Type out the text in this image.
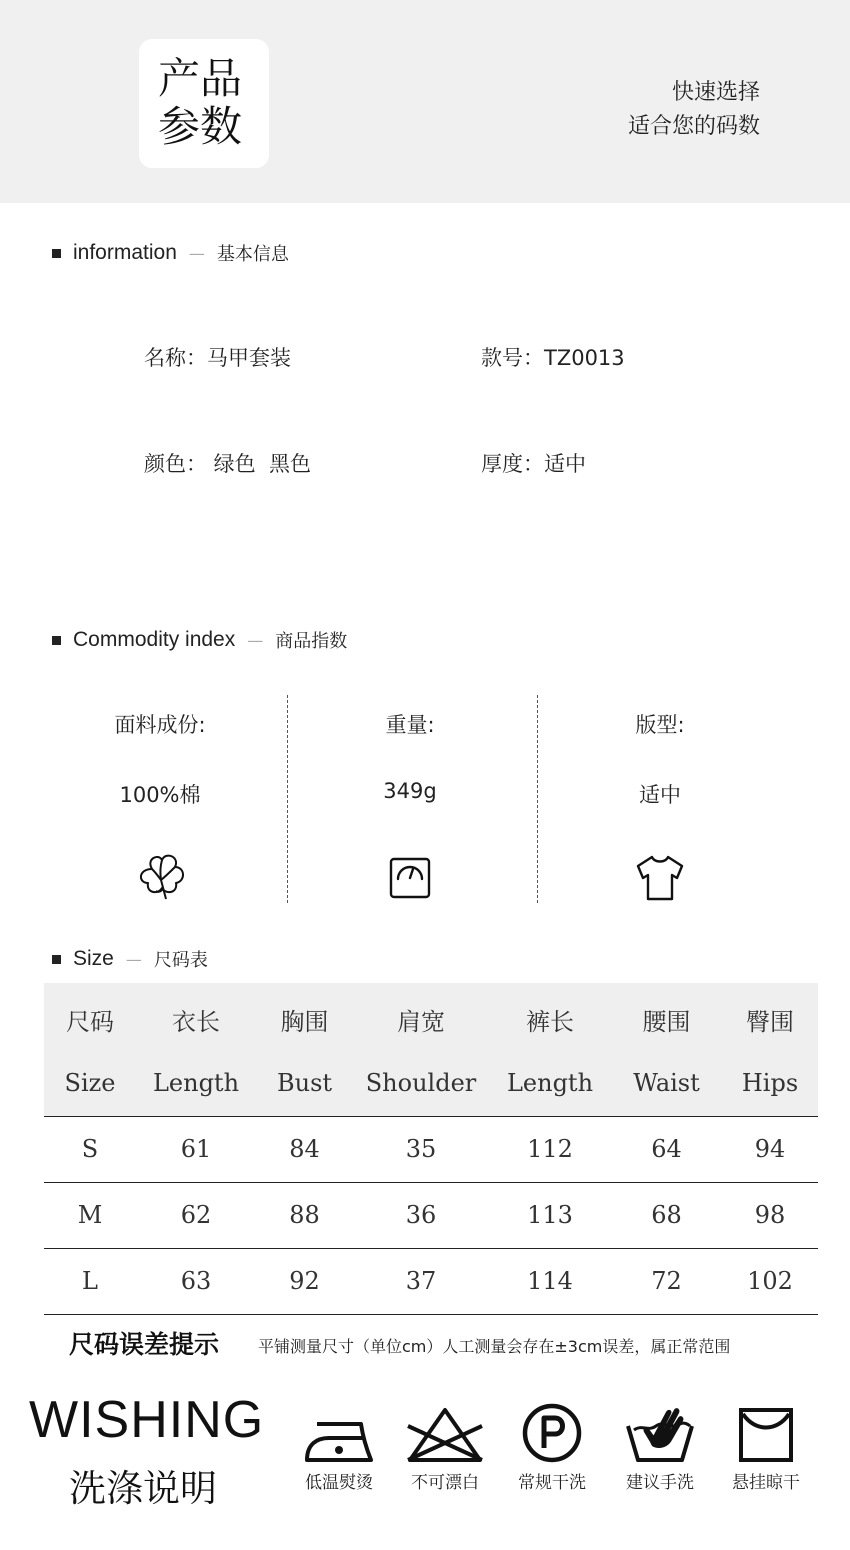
产品
参数
快速选择
适合您的码数
information — 基本信息
名称：马甲套装	款号：TZ0013
颜色： 绿色  黑色	厚度：适中
Commodity index — 商品指数
面料成份:
100%棉
重量:
349g
版型:
适中
Size — 尺码表
尺码	衣长	胸围	肩宽	裤长	腰围	臀围
Size	Length	Bust	Shoulder	Length	Waist	Hips
S	61	84	35	112	64	94
M	62	88	36	113	68	98
L	63	92	37	114	72	102
尺码误差提示 平铺测量尺寸（单位cm）人工测量会存在±3cm误差，属正常范围
WISHING
洗涤说明	低温熨烫	不可漂白	常规干洗	建议手洗	悬挂晾干
